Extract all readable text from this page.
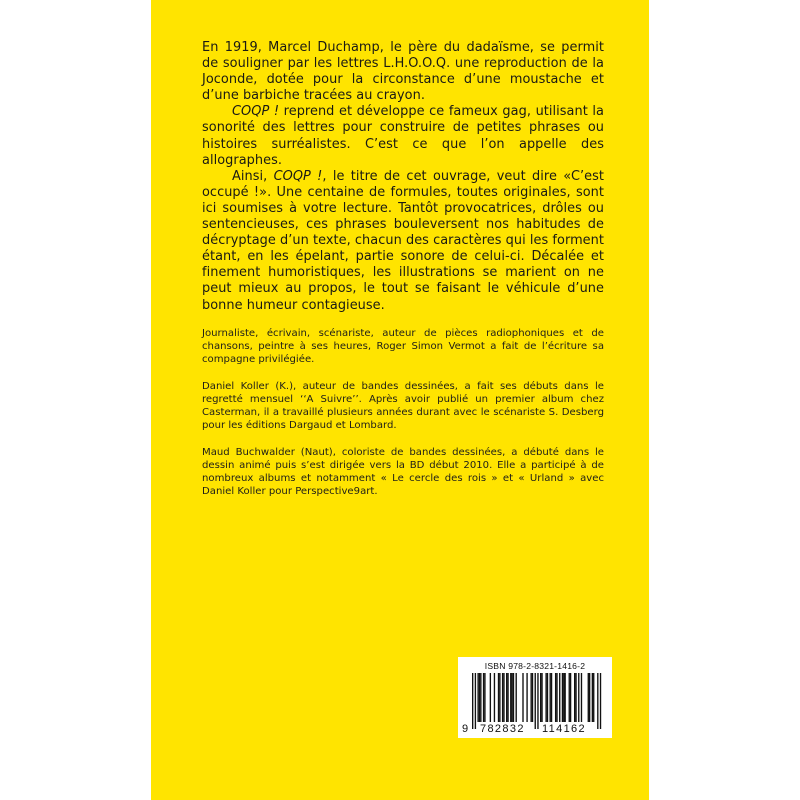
En 1919, Marcel Duchamp, le père du dadaïsme, se permit de souligner par les lettres L.H.O.O.Q. une reproduction de la Joconde, dotée pour la circonstance d’une moustache et d’une barbiche tracées au crayon.

COQP ! reprend et développe ce fameux gag, utilisant la sonorité des lettres pour construire de petites phrases ou histoires surréalistes. C’est ce que l’on appelle des allographes.

Ainsi, COQP !, le titre de cet ouvrage, veut dire «C’est occupé !». Une centaine de formules, toutes originales, sont ici soumises à votre lecture. Tantôt provocatrices, drôles ou sentencieuses, ces phrases bouleversent nos habitudes de décryptage d’un texte, chacun des caractères qui les forment étant, en les épelant, partie sonore de celui-ci. Décalée et finement humoristiques, les illustrations se marient on ne peut mieux au propos, le tout se faisant le véhicule d’une bonne humeur contagieuse.

Journaliste, écrivain, scénariste, auteur de pièces radiophoniques et de chansons, peintre à ses heures, Roger Simon Vermot a fait de l’écriture sa compagne privilégiée.

Daniel Koller (K.), auteur de bandes dessinées, a fait ses débuts dans le regretté mensuel ‘‘A Suivre’’. Après avoir publié un premier album chez Casterman, il a travaillé plusieurs années durant avec le scénariste S. Desberg pour les éditions Dargaud et Lombard.

Maud Buchwalder (Naut), coloriste de bandes dessinées, a débuté dans le dessin animé puis s’est dirigée vers la BD début 2010. Elle a participé à de nombreux albums et notamment « Le cercle des rois » et « Urland » avec Daniel Koller pour Perspective9art.

ISBN 978-2-8321-1416-2
9 782832 114162
